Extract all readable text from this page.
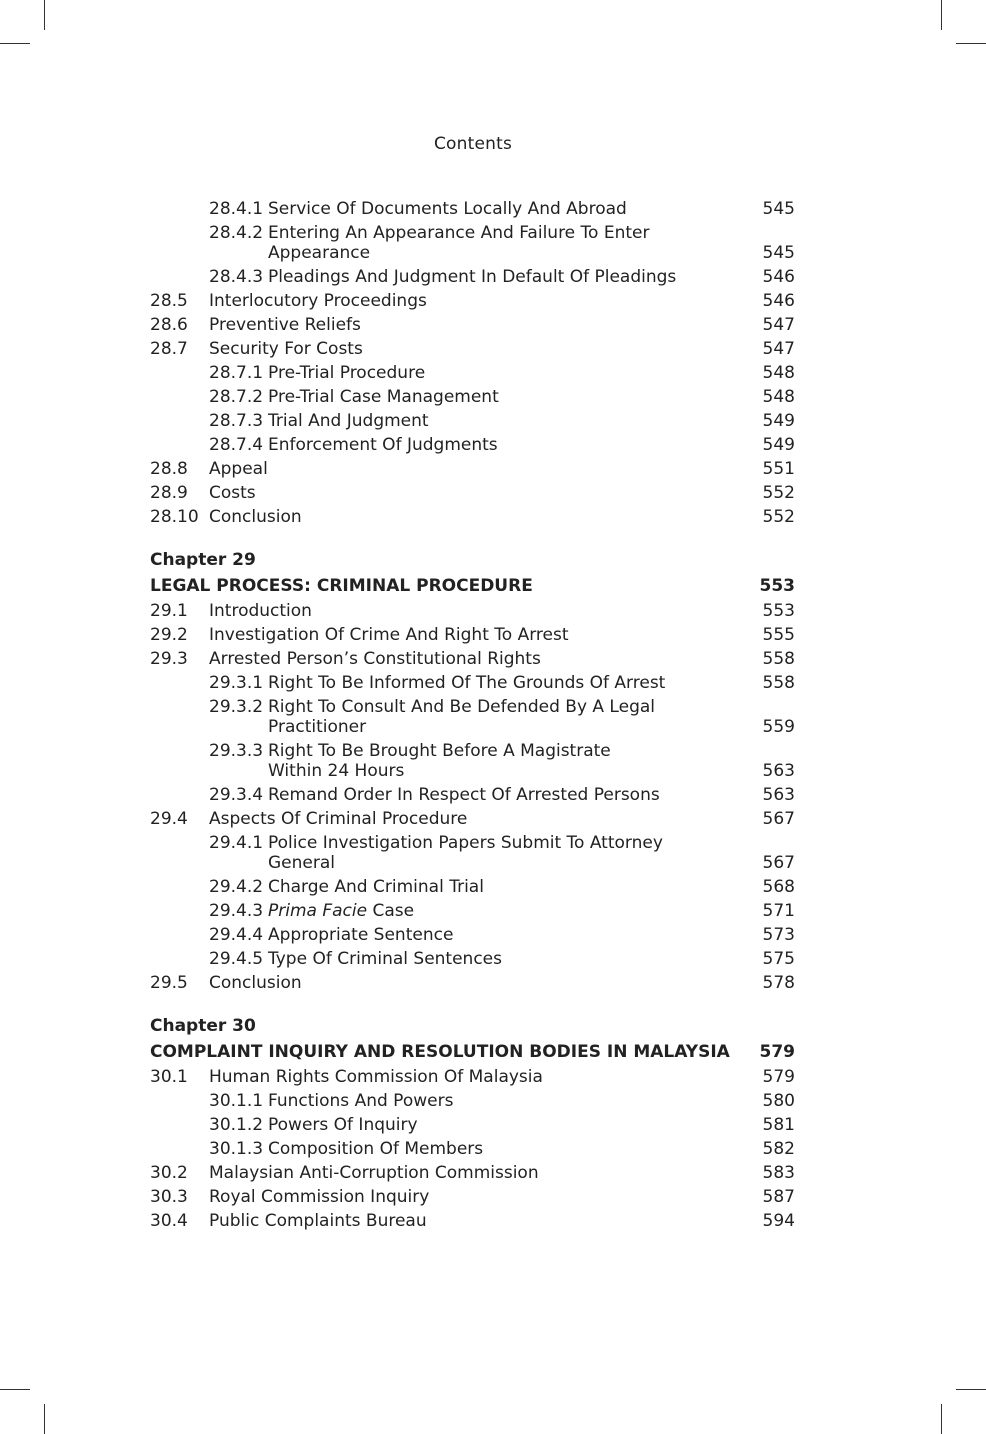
Contents
28.4.1 Service Of Documents Locally And Abroad	545
28.4.2 Entering An Appearance And Failure To Enter Appearance	545
28.4.3 Pleadings And Judgment In Default Of Pleadings	546
28.5 Interlocutory Proceedings	546
28.6 Preventive Reliefs	547
28.7 Security For Costs	547
28.7.1 Pre-Trial Procedure	548
28.7.2 Pre-Trial Case Management	548
28.7.3 Trial And Judgment	549
28.7.4 Enforcement Of Judgments	549
28.8 Appeal	551
28.9 Costs	552
28.10 Conclusion	552
Chapter 29
LEGAL PROCESS: CRIMINAL PROCEDURE	553
29.1 Introduction	553
29.2 Investigation Of Crime And Right To Arrest	555
29.3 Arrested Person’s Constitutional Rights	558
29.3.1 Right To Be Informed Of The Grounds Of Arrest	558
29.3.2 Right To Consult And Be Defended By A Legal Practitioner	559
29.3.3 Right To Be Brought Before A Magistrate Within 24 Hours	563
29.3.4 Remand Order In Respect Of Arrested Persons	563
29.4 Aspects Of Criminal Procedure	567
29.4.1 Police Investigation Papers Submit To Attorney General	567
29.4.2 Charge And Criminal Trial	568
29.4.3 Prima Facie Case	571
29.4.4 Appropriate Sentence	573
29.4.5 Type Of Criminal Sentences	575
29.5 Conclusion	578
Chapter 30
COMPLAINT INQUIRY AND RESOLUTION BODIES IN MALAYSIA 579
30.1 Human Rights Commission Of Malaysia	579
30.1.1 Functions And Powers	580
30.1.2 Powers Of Inquiry	581
30.1.3 Composition Of Members	582
30.2 Malaysian Anti-Corruption Commission	583
30.3 Royal Commission Inquiry	587
30.4 Public Complaints Bureau	594
